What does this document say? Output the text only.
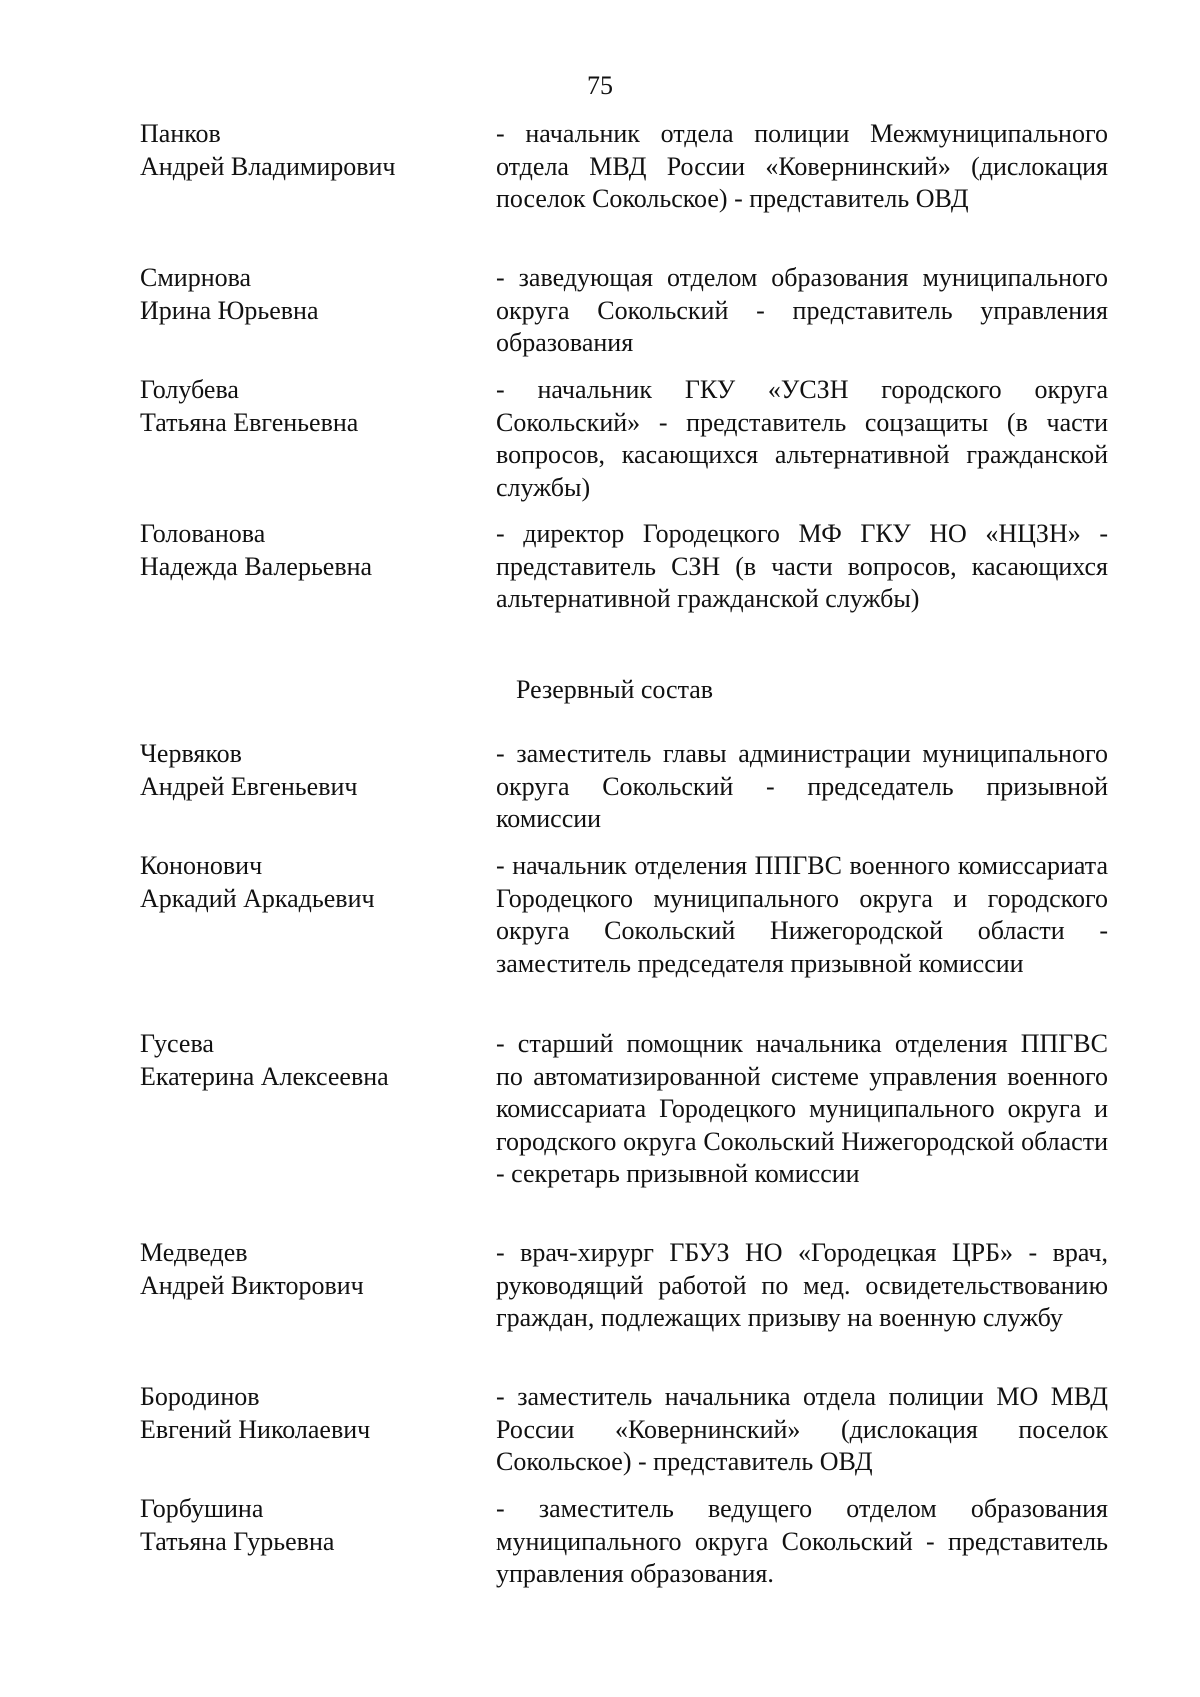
75
Панков
Андрей Владимирович
- начальник отдела полиции Межмуниципального отдела МВД России «Ковернинский» (дислокация поселок Сокольское) - представитель ОВД
Смирнова
Ирина Юрьевна
- заведующая отделом образования муниципального округа Сокольский - представитель управления образования
Голубева
Татьяна Евгеньевна
- начальник ГКУ «УСЗН городского округа Сокольский» - представитель соцзащиты (в части вопросов, касающихся альтернативной гражданской службы)
Голованова
Надежда Валерьевна
- директор Городецкого МФ ГКУ НО «НЦЗН» - представитель СЗН (в части вопросов, касающихся альтернативной гражданской службы)
Резервный состав
Червяков
Андрей Евгеньевич
- заместитель главы администрации муниципального округа Сокольский - председатель призывной комиссии
Кононович
Аркадий Аркадьевич
- начальник отделения ППГВС военного комиссариата Городецкого муниципального округа и городского округа Сокольский Нижегородской области - заместитель председателя призывной комиссии
Гусева
Екатерина Алексеевна
- старший помощник начальника отделения ППГВС по автоматизированной системе управления военного комиссариата Городецкого муниципального округа и городского округа Сокольский Нижегородской области - секретарь призывной комиссии
Медведев
Андрей Викторович
- врач-хирург ГБУЗ НО «Городецкая ЦРБ» - врач, руководящий работой по мед. освидетельствованию граждан, подлежащих призыву на военную службу
Бородинов
Евгений Николаевич
- заместитель начальника отдела полиции МО МВД России «Ковернинский» (дислокация поселок Сокольское) - представитель ОВД
Горбушина
Татьяна Гурьевна
- заместитель ведущего отделом образования муниципального округа Сокольский - представитель управления образования.
